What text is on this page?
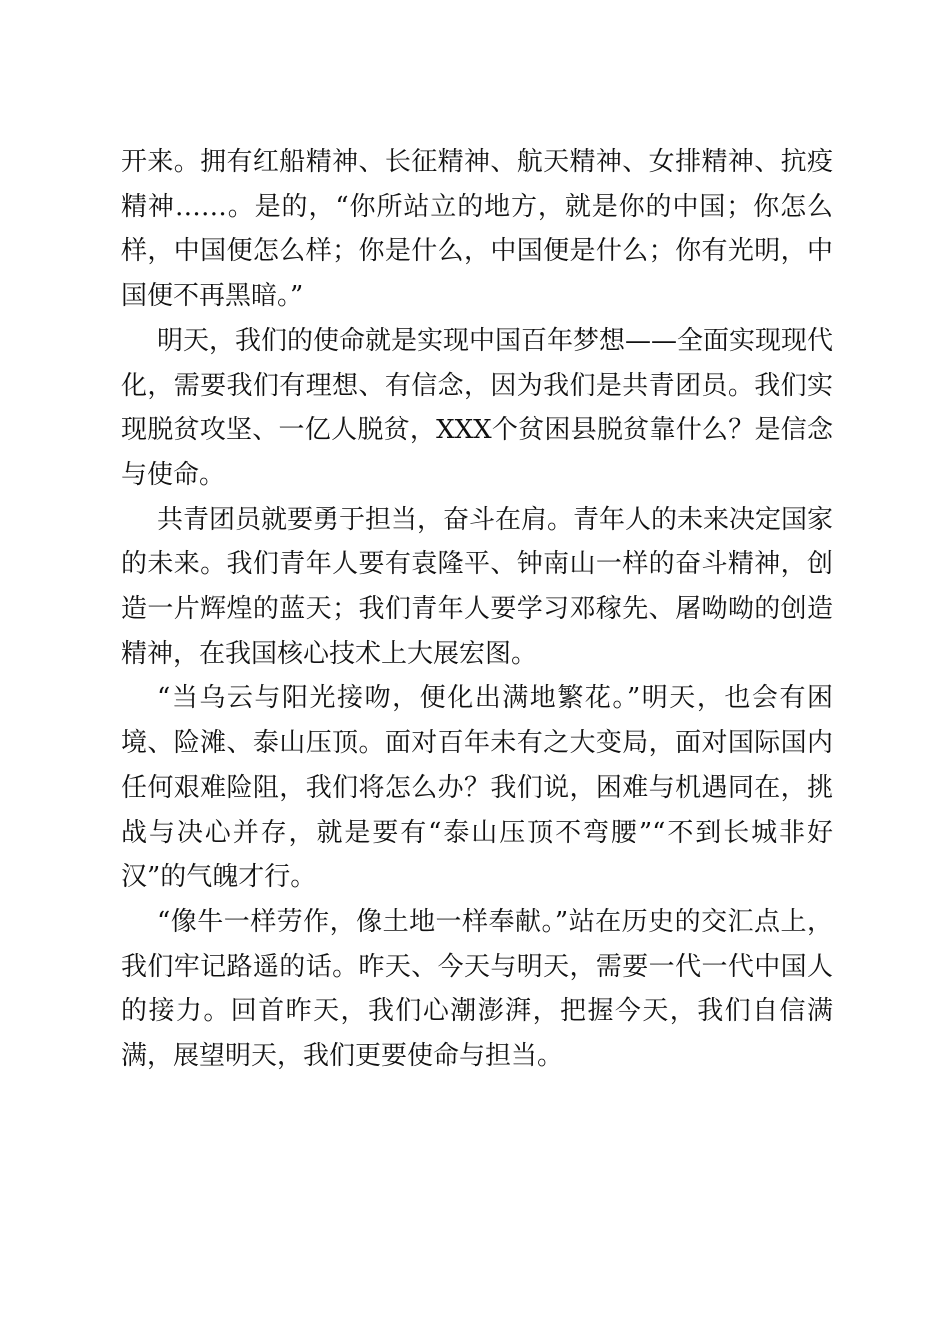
开来。拥有红船精神、长征精神、航天精神、女排精神、抗疫精神……。是的，“你所站立的地方，就是你的中国；你怎么样，中国便怎么样；你是什么，中国便是什么；你有光明，中国便不再黑暗。”

明天，我们的使命就是实现中国百年梦想——全面实现现代化，需要我们有理想、有信念，因为我们是共青团员。我们实现脱贫攻坚、一亿人脱贫，XXX个贫困县脱贫靠什么？是信念与使命。

共青团员就要勇于担当，奋斗在肩。青年人的未来决定国家的未来。我们青年人要有袁隆平、钟南山一样的奋斗精神，创造一片辉煌的蓝天；我们青年人要学习邓稼先、屠呦呦的创造精神，在我国核心技术上大展宏图。

“当乌云与阳光接吻，便化出满地繁花。”明天，也会有困境、险滩、泰山压顶。面对百年未有之大变局，面对国际国内任何艰难险阻，我们将怎么办？我们说，困难与机遇同在，挑战与决心并存，就是要有“泰山压顶不弯腰”“不到长城非好汉”的气魄才行。

“像牛一样劳作，像土地一样奉献。”站在历史的交汇点上，我们牢记路遥的话。昨天、今天与明天，需要一代一代中国人的接力。回首昨天，我们心潮澎湃，把握今天，我们自信满满，展望明天，我们更要使命与担当。
